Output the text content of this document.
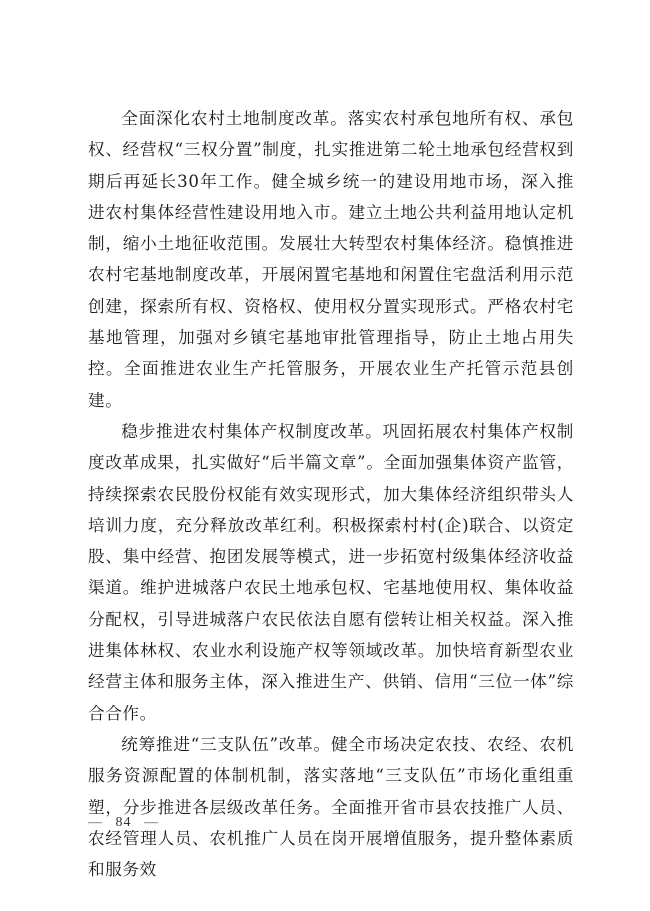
全面深化农村土地制度改革。落实农村承包地所有权、承包权、经营权“三权分置”制度，扎实推进第二轮土地承包经营权到期后再延长30年工作。健全城乡统一的建设用地市场，深入推进农村集体经营性建设用地入市。建立土地公共利益用地认定机制，缩小土地征收范围。发展壮大转型农村集体经济。稳慎推进农村宅基地制度改革，开展闲置宅基地和闲置住宅盘活利用示范创建，探索所有权、资格权、使用权分置实现形式。严格农村宅基地管理，加强对乡镇宅基地审批管理指导，防止土地占用失控。全面推进农业生产托管服务，开展农业生产托管示范县创建。

稳步推进农村集体产权制度改革。巩固拓展农村集体产权制度改革成果，扎实做好“后半篇文章”。全面加强集体资产监管，持续探索农民股份权能有效实现形式，加大集体经济组织带头人培训力度，充分释放改革红利。积极探索村村(企)联合、以资定股、集中经营、抱团发展等模式，进一步拓宽村级集体经济收益渠道。维护进城落户农民土地承包权、宅基地使用权、集体收益分配权，引导进城落户农民依法自愿有偿转让相关权益。深入推进集体林权、农业水利设施产权等领域改革。加快培育新型农业经营主体和服务主体，深入推进生产、供销、信用“三位一体”综合合作。

统筹推进“三支队伍”改革。健全市场决定农技、农经、农机服务资源配置的体制机制，落实落地“三支队伍”市场化重组重塑，分步推进各层级改革任务。全面推开省市县农技推广人员、农经管理人员、农机推广人员在岗开展增值服务，提升整体素质和服务效

— 84 —
